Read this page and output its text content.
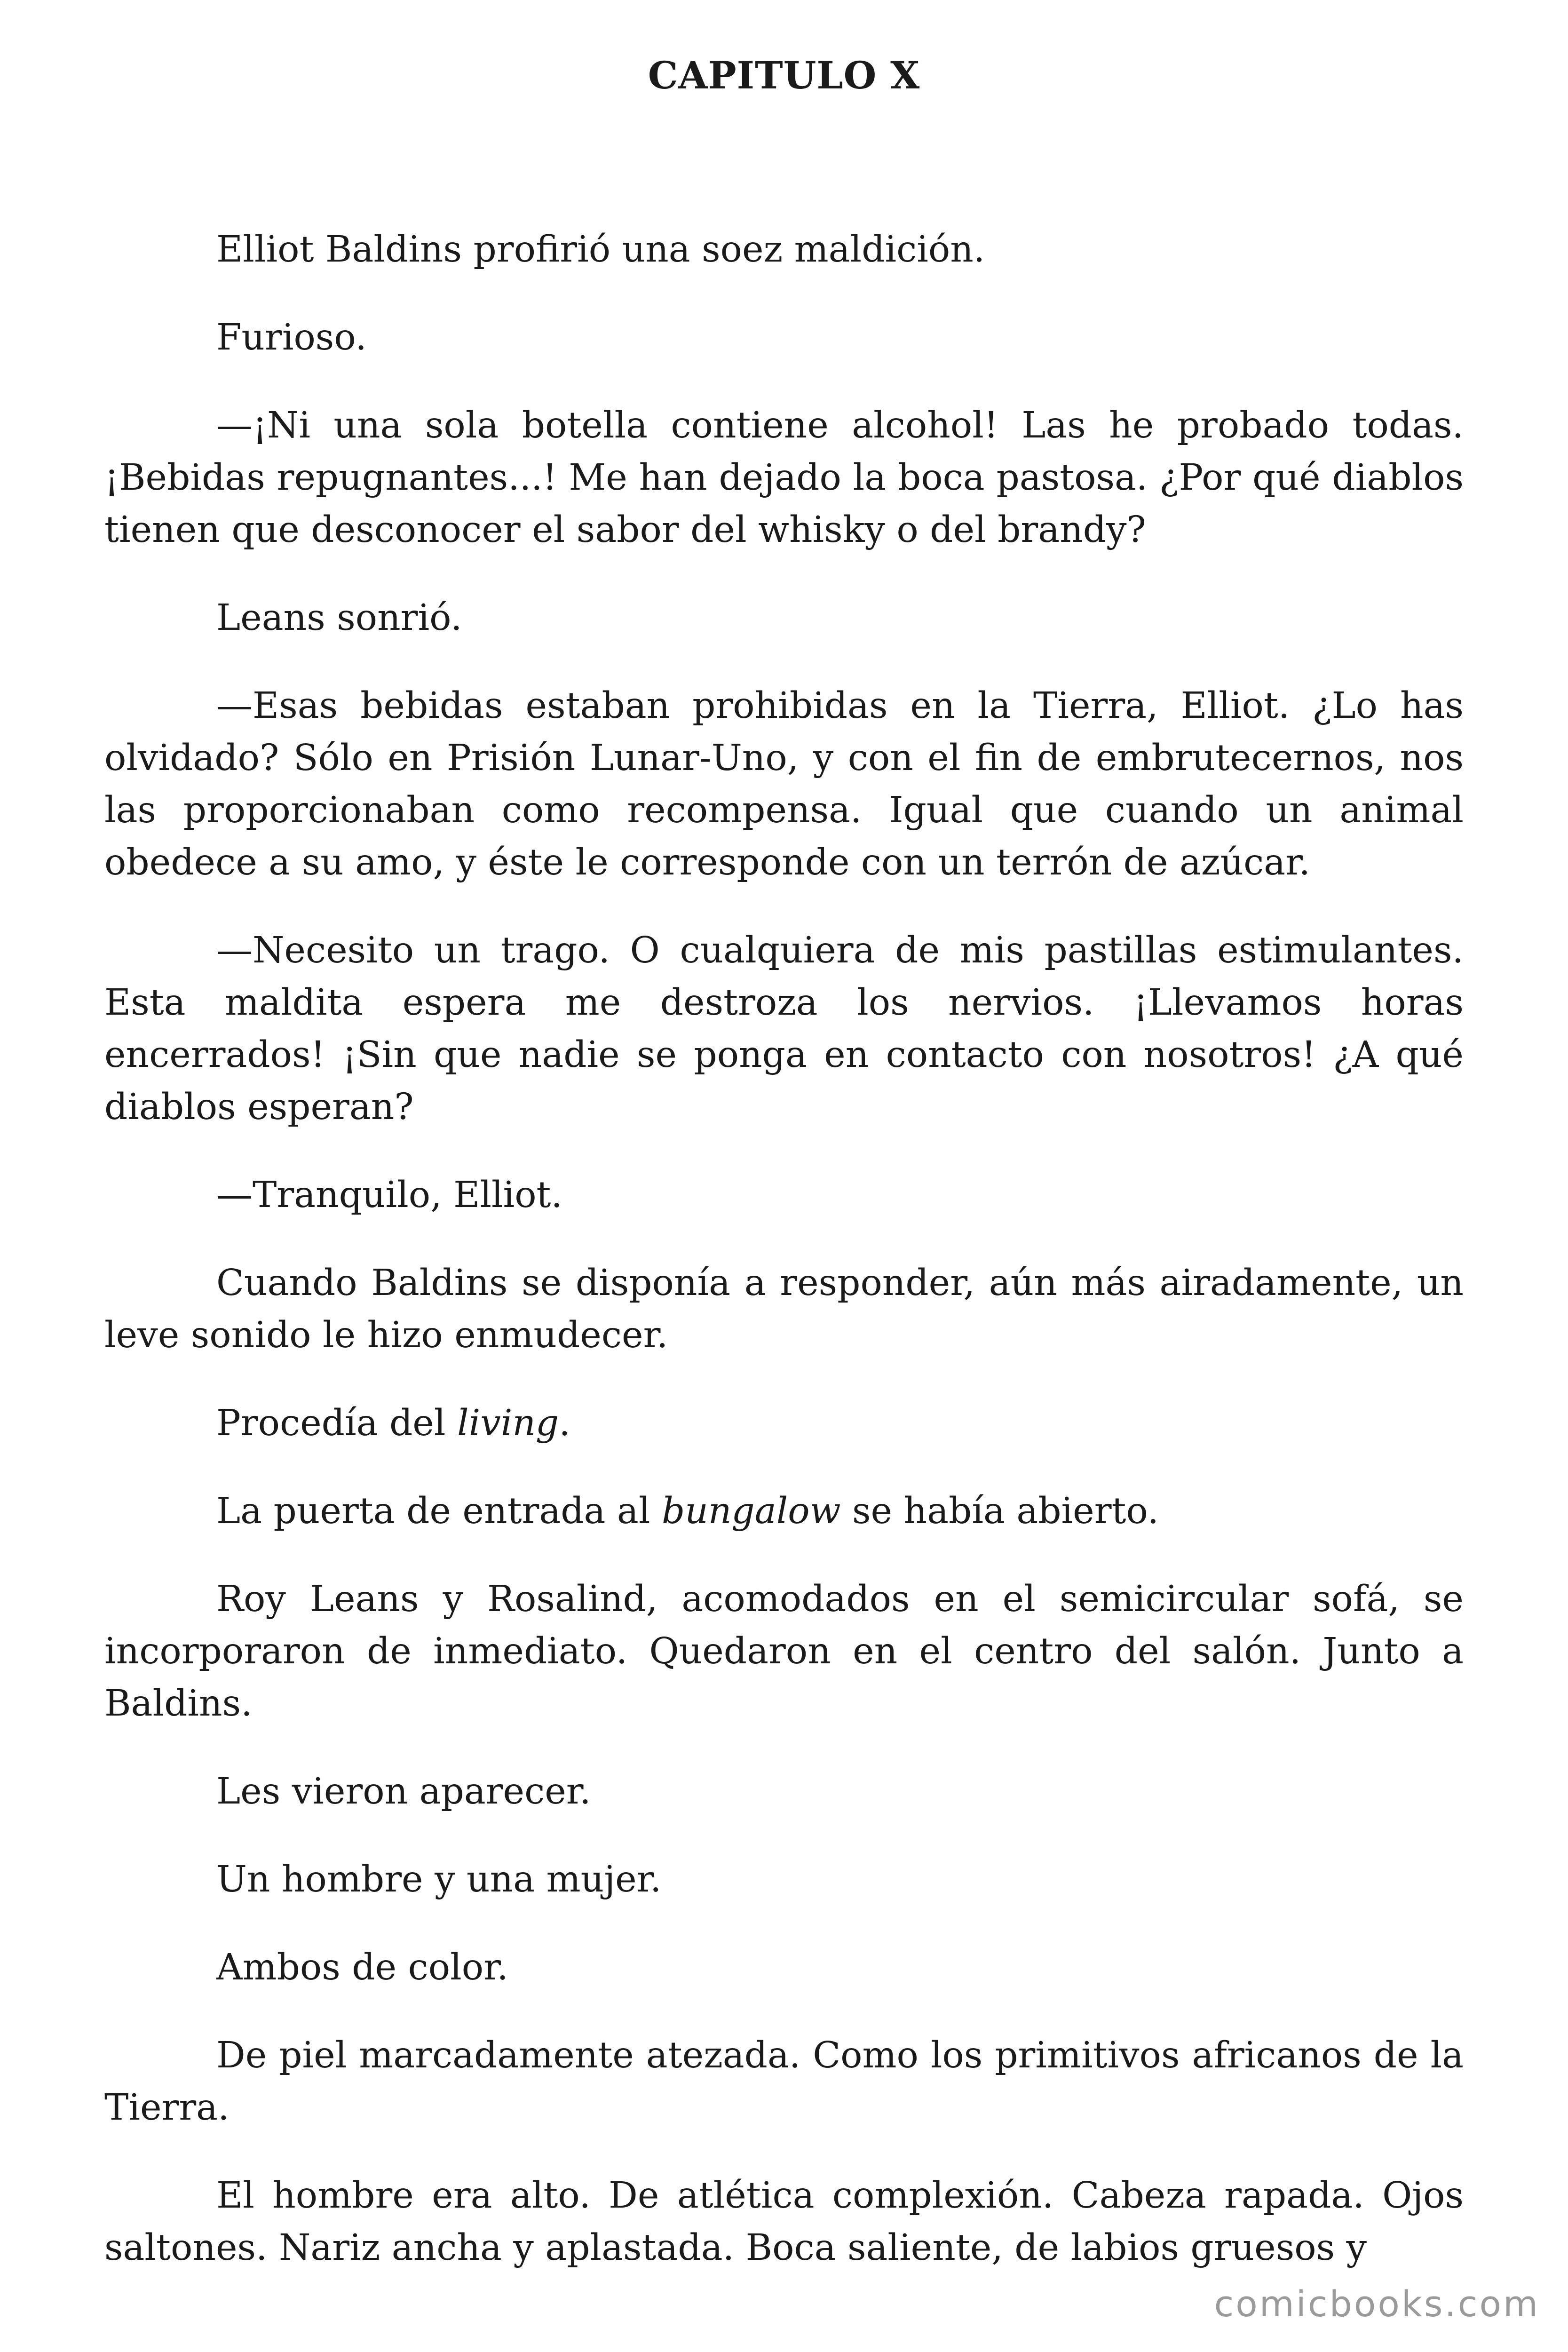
CAPITULO X

Elliot Baldins profirió una soez maldición.

Furioso.

—¡Ni una sola botella contiene alcohol! Las he probado todas. ¡Bebidas repugnantes...! Me han dejado la boca pastosa. ¿Por qué diablos tienen que desconocer el sabor del whisky o del brandy?

Leans sonrió.

—Esas bebidas estaban prohibidas en la Tierra, Elliot. ¿Lo has olvidado? Sólo en Prisión Lunar-Uno, y con el fin de embrutecernos, nos las proporcionaban como recompensa. Igual que cuando un animal obedece a su amo, y éste le corresponde con un terrón de azúcar.

—Necesito un trago. O cualquiera de mis pastillas estimulantes. Esta maldita espera me destroza los nervios. ¡Llevamos horas encerrados! ¡Sin que nadie se ponga en contacto con nosotros! ¿A qué diablos esperan?

—Tranquilo, Elliot.

Cuando Baldins se disponía a responder, aún más airadamente, un leve sonido le hizo enmudecer.

Procedía del living.

La puerta de entrada al bungalow se había abierto.

Roy Leans y Rosalind, acomodados en el semicircular sofá, se incorporaron de inmediato. Quedaron en el centro del salón. Junto a Baldins.

Les vieron aparecer.

Un hombre y una mujer.

Ambos de color.

De piel marcadamente atezada. Como los primitivos africanos de la Tierra.

El hombre era alto. De atlética complexión. Cabeza rapada. Ojos saltones. Nariz ancha y aplastada. Boca saliente, de labios gruesos y

comicbooks.com
